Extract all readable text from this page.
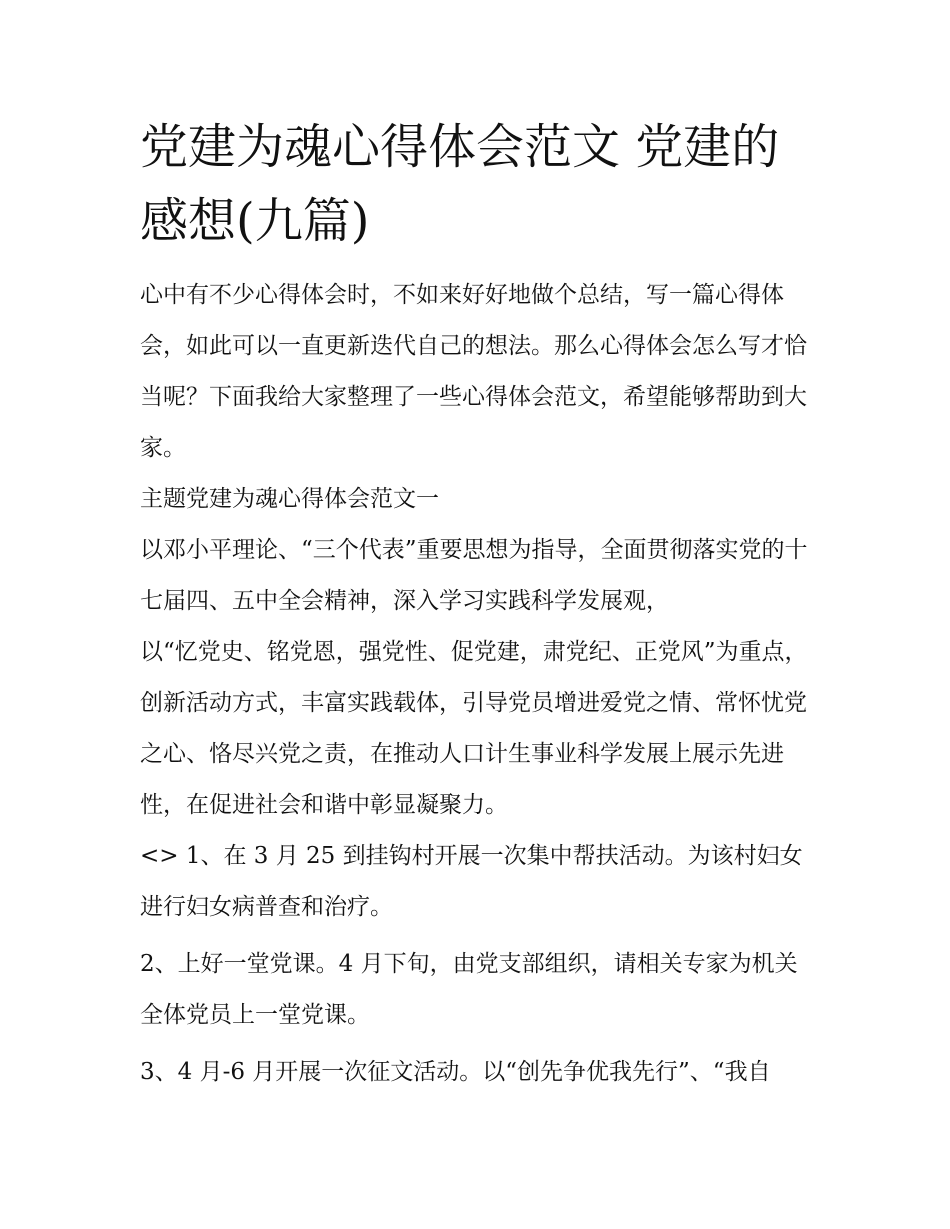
党建为魂心得体会范文 党建的感想(九篇)

心中有不少心得体会时，不如来好好地做个总结，写一篇心得体会，如此可以一直更新迭代自己的想法。那么心得体会怎么写才恰当呢？下面我给大家整理了一些心得体会范文，希望能够帮助到大家。

主题党建为魂心得体会范文一

以邓小平理论、“三个代表”重要思想为指导，全面贯彻落实党的十七届四、五中全会精神，深入学习实践科学发展观，

以“忆党史、铭党恩，强党性、促党建，肃党纪、正党风”为重点，创新活动方式，丰富实践载体，引导党员增进爱党之情、常怀忧党之心、恪尽兴党之责，在推动人口计生事业科学发展上展示先进性，在促进社会和谐中彰显凝聚力。

<> 1、在 3 月 25 到挂钩村开展一次集中帮扶活动。为该村妇女进行妇女病普查和治疗。

2、上好一堂党课。4 月下旬，由党支部组织，请相关专家为机关全体党员上一堂党课。

3、4 月-6 月开展一次征文活动。以“创先争优我先行”、“我自
